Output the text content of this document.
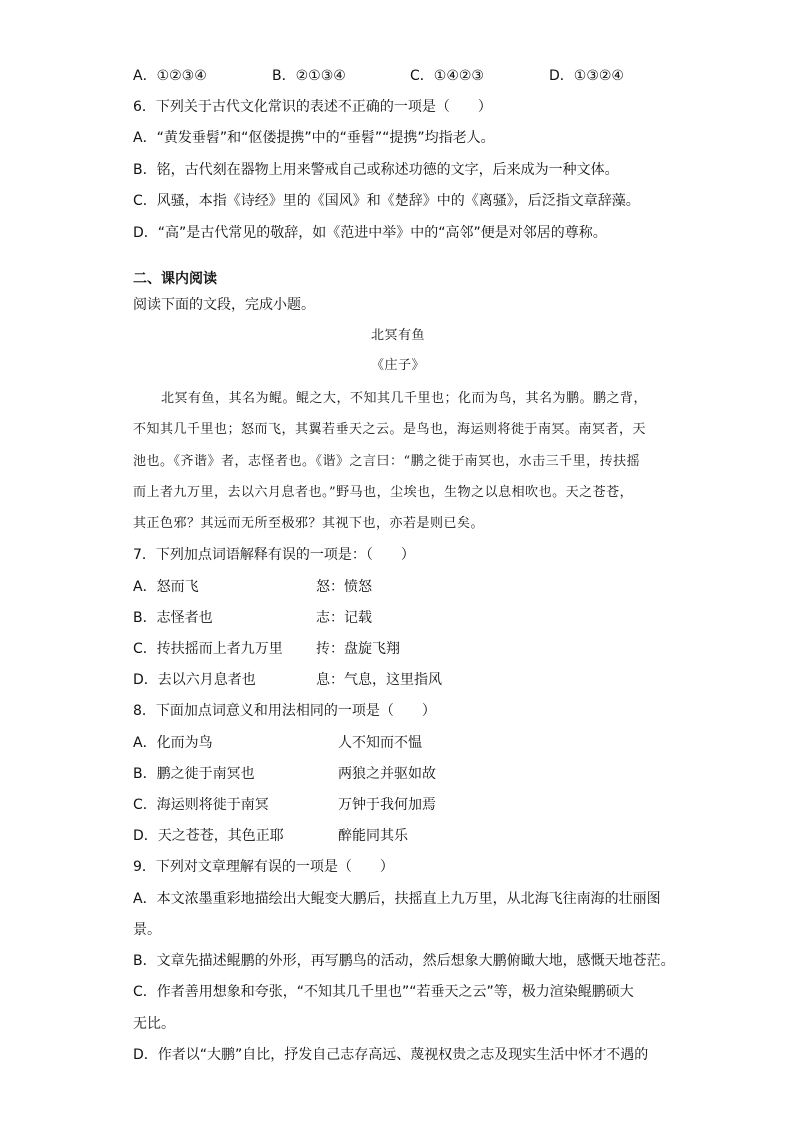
A．①②③④	B．②①③④	C．①④②③	D．①③②④
6．下列关于古代文化常识的表述不正确的一项是（　　）
A．“黄发垂髫”和“伛偻提携”中的“垂髫”“提携”均指老人。
B．铭，古代刻在器物上用来警戒自己或称述功德的文字，后来成为一种文体。
C．风骚，本指《诗经》里的《国风》和《楚辞》中的《离骚》，后泛指文章辞藻。
D．“高”是古代常见的敬辞，如《范进中举》中的“高邻”便是对邻居的尊称。
二、课内阅读
阅读下面的文段，完成小题。
北冥有鱼
《庄子》
北冥有鱼，其名为鲲。鲲之大，不知其几千里也；化而为鸟，其名为鹏。鹏之背，
不知其几千里也；怒而飞，其翼若垂天之云。是鸟也，海运则将徙于南冥。南冥者，天
池也。《齐谐》者，志怪者也。《谐》之言曰：“鹏之徙于南冥也，水击三千里，抟扶摇
而上者九万里，去以六月息者也。”野马也，尘埃也，生物之以息相吹也。天之苍苍，
其正色邪？其远而无所至极邪？其视下也，亦若是则已矣。
7．下列加点词语解释有误的一项是：（　　）
A．怒而飞	怒：愤怒
B．志怪者也	志：记载
C．抟扶摇而上者九万里 抟：盘旋飞翔
D．去以六月息者也	息：气息，这里指风
8．下面加点词意义和用法相同的一项是（　　）
A．化而为鸟	人不知而不愠
B．鹏之徙于南冥也	两狼之并驱如故
C．海运则将徙于南冥	万钟于我何加焉
D．天之苍苍，其色正耶	醉能同其乐
9．下列对文章理解有误的一项是（　　）
A．本文浓墨重彩地描绘出大鲲变大鹏后，扶摇直上九万里，从北海飞往南海的壮丽图
景。
B．文章先描述鲲鹏的外形，再写鹏鸟的活动，然后想象大鹏俯瞰大地，感慨天地苍茫。
C．作者善用想象和夸张，“不知其几千里也”“若垂天之云”等，极力渲染鲲鹏硕大
无比。
D．作者以“大鹏”自比，抒发自己志存高远、蔑视权贵之志及现实生活中怀才不遇的
